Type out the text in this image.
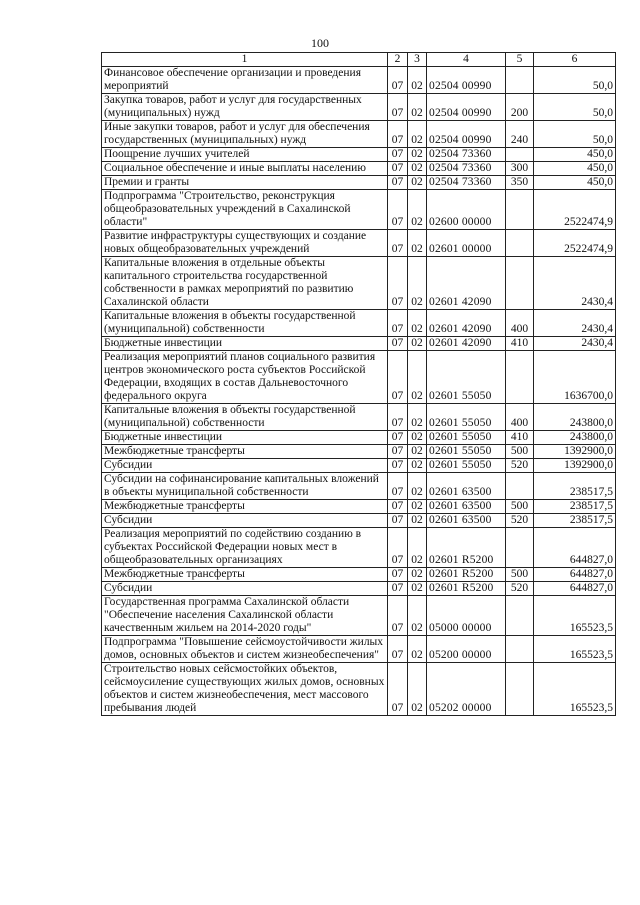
100
1	2	3	4	5	6
Финансовое обеспечение организации и проведения мероприятий	07	02	02504 00990		50,0
Закупка товаров, работ и услуг для государственных (муниципальных) нужд	07	02	02504 00990	200	50,0
Иные закупки товаров, работ и услуг для обеспечения государственных (муниципальных) нужд	07	02	02504 00990	240	50,0
Поощрение лучших учителей	07	02	02504 73360		450,0
Социальное обеспечение и иные выплаты населению	07	02	02504 73360	300	450,0
Премии и гранты	07	02	02504 73360	350	450,0
Подпрограмма "Строительство, реконструкция общеобразовательных учреждений в Сахалинской области"	07	02	02600 00000		2522474,9
Развитие инфраструктуры существующих и создание новых общеобразовательных учреждений	07	02	02601 00000		2522474,9
Капитальные вложения в отдельные объекты капитального строительства государственной собственности в рамках мероприятий по развитию Сахалинской области	07	02	02601 42090		2430,4
Капитальные вложения в объекты государственной (муниципальной) собственности	07	02	02601 42090	400	2430,4
Бюджетные инвестиции	07	02	02601 42090	410	2430,4
Реализация мероприятий планов социального развития центров экономического роста субъектов Российской Федерации, входящих в состав Дальневосточного федерального округа	07	02	02601 55050		1636700,0
Капитальные вложения в объекты государственной (муниципальной) собственности	07	02	02601 55050	400	243800,0
Бюджетные инвестиции	07	02	02601 55050	410	243800,0
Межбюджетные трансферты	07	02	02601 55050	500	1392900,0
Субсидии	07	02	02601 55050	520	1392900,0
Субсидии на софинансирование капитальных вложений в объекты муниципальной собственности	07	02	02601 63500		238517,5
Межбюджетные трансферты	07	02	02601 63500	500	238517,5
Субсидии	07	02	02601 63500	520	238517,5
Реализация мероприятий по содействию созданию в субъектах Российской Федерации новых мест в общеобразовательных организациях	07	02	02601 R5200		644827,0
Межбюджетные трансферты	07	02	02601 R5200	500	644827,0
Субсидии	07	02	02601 R5200	520	644827,0
Государственная программа Сахалинской области "Обеспечение населения Сахалинской области качественным жильем на 2014-2020 годы"	07	02	05000 00000		165523,5
Подпрограмма "Повышение сейсмоустойчивости жилых домов, основных объектов и систем жизнеобеспечения"	07	02	05200 00000		165523,5
Строительство новых сейсмостойких объектов, сейсмоусиление существующих жилых домов, основных объектов и систем жизнеобеспечения, мест массового пребывания людей	07	02	05202 00000		165523,5
